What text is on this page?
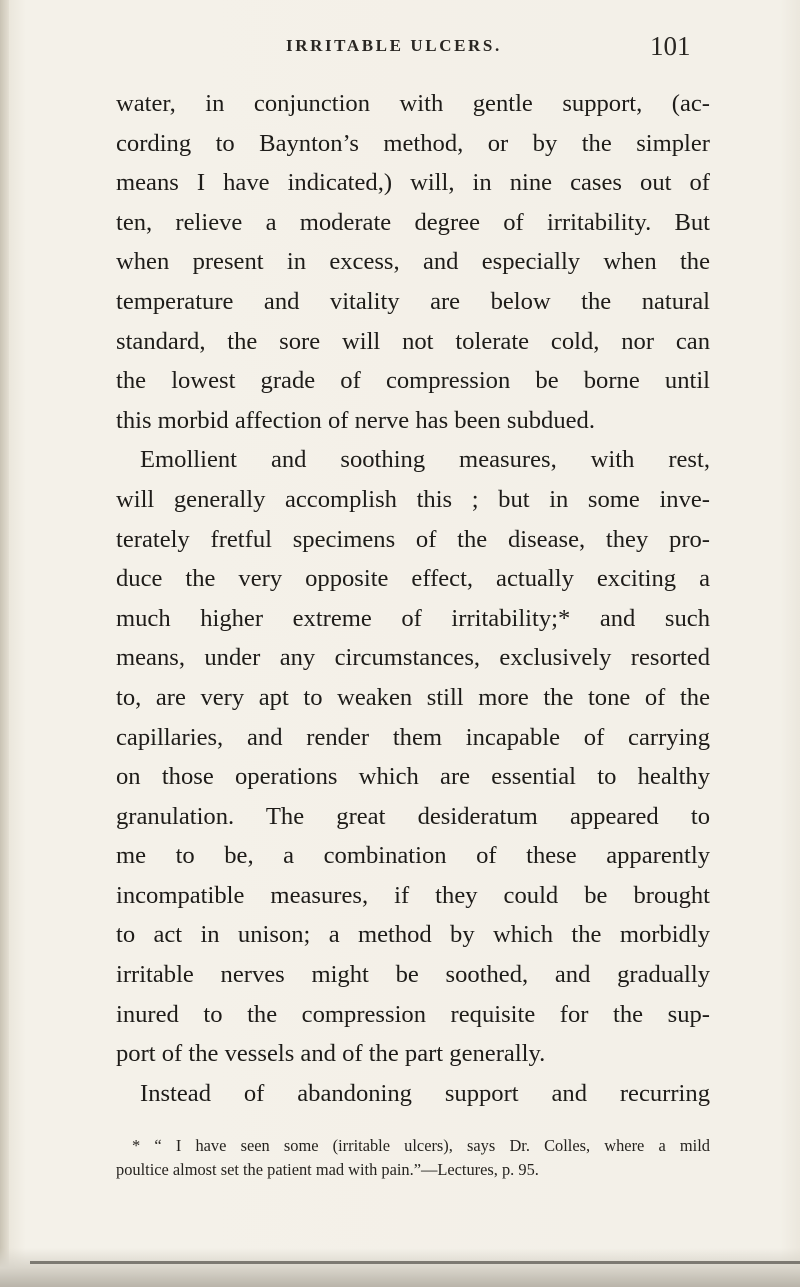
IRRITABLE ULCERS.	101
water, in conjunction with gentle support, (ac-
cording to Baynton’s method, or by the simpler
means I have indicated,) will, in nine cases out of
ten, relieve a moderate degree of irritability. But
when present in excess, and especially when the
temperature and vitality are below the natural
standard, the sore will not tolerate cold, nor can
the lowest grade of compression be borne until
this morbid affection of nerve has been subdued.
Emollient and soothing measures, with rest,
will generally accomplish this ; but in some inve-
terately fretful specimens of the disease, they pro-
duce the very opposite effect, actually exciting a
much higher extreme of irritability;* and such
means, under any circumstances, exclusively resorted
to, are very apt to weaken still more the tone of the
capillaries, and render them incapable of carrying
on those operations which are essential to healthy
granulation. The great desideratum appeared to
me to be, a combination of these apparently
incompatible measures, if they could be brought
to act in unison; a method by which the morbidly
irritable nerves might be soothed, and gradually
inured to the compression requisite for the sup-
port of the vessels and of the part generally.
Instead of abandoning support and recurring
* “ I have seen some (irritable ulcers), says Dr. Colles, where a mild
poultice almost set the patient mad with pain.”—Lectures, p. 95.
